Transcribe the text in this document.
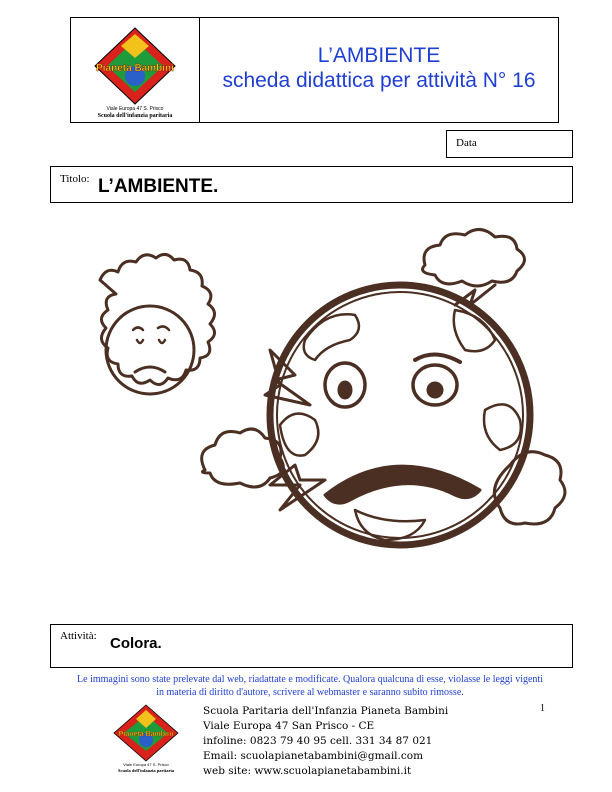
Pianeta Bambini
Viale Europa 47 S. Prisco
Scuola dell'infanzia paritaria
L’AMBIENTE
scheda didattica per attività N° 16
Data
Titolo: L’AMBIENTE.
Attività: Colora.
Le immagini sono state prelevate dal web, riadattate e modificate. Qualora qualcuna di esse, violasse le leggi vigenti
in materia di diritto d'autore, scrivere al webmaster e saranno subito rimosse.
Pianeta Bambini
Viale Europa 47 S. Prisco
Scuola dell'infanzia paritaria
Scuola Paritaria dell'Infanzia Pianeta Bambini
Viale Europa 47 San Prisco - CE
infoline: 0823 79 40 95 cell. 331 34 87 021
Email: scuolapianetabambini@gmail.com
web site: www.scuolapianetabambini.it
1
